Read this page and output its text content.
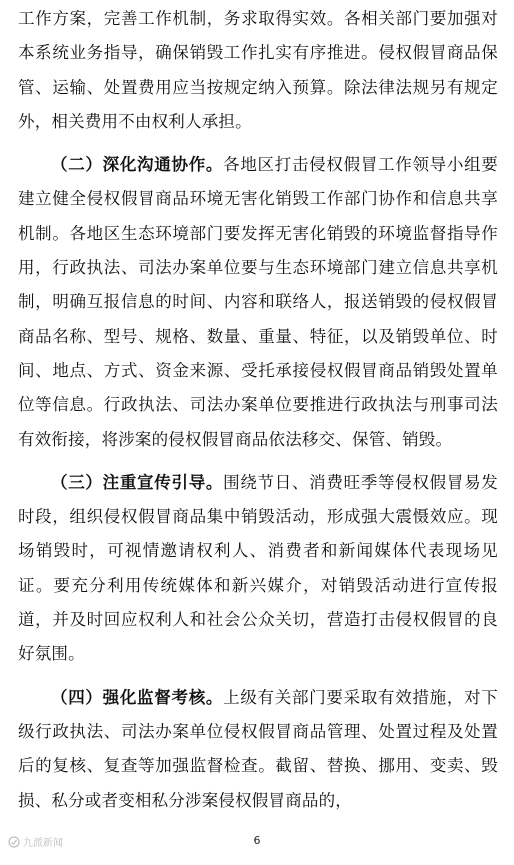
工作方案，完善工作机制，务求取得实效。各相关部门要加强对本系统业务指导，确保销毁工作扎实有序推进。侵权假冒商品保管、运输、处置费用应当按规定纳入预算。除法律法规另有规定外，相关费用不由权利人承担。

（二）深化沟通协作。各地区打击侵权假冒工作领导小组要建立健全侵权假冒商品环境无害化销毁工作部门协作和信息共享机制。各地区生态环境部门要发挥无害化销毁的环境监督指导作用，行政执法、司法办案单位要与生态环境部门建立信息共享机制，明确互报信息的时间、内容和联络人，报送销毁的侵权假冒商品名称、型号、规格、数量、重量、特征，以及销毁单位、时间、地点、方式、资金来源、受托承接侵权假冒商品销毁处置单位等信息。行政执法、司法办案单位要推进行政执法与刑事司法有效衔接，将涉案的侵权假冒商品依法移交、保管、销毁。

（三）注重宣传引导。围绕节日、消费旺季等侵权假冒易发时段，组织侵权假冒商品集中销毁活动，形成强大震慑效应。现场销毁时，可视情邀请权利人、消费者和新闻媒体代表现场见证。要充分利用传统媒体和新兴媒介，对销毁活动进行宣传报道，并及时回应权利人和社会公众关切，营造打击侵权假冒的良好氛围。

（四）强化监督考核。上级有关部门要采取有效措施，对下级行政执法、司法办案单位侵权假冒商品管理、处置过程及处置后的复核、复查等加强监督检查。截留、替换、挪用、变卖、毁损、私分或者变相私分涉案侵权假冒商品的，

九派新闻	6
